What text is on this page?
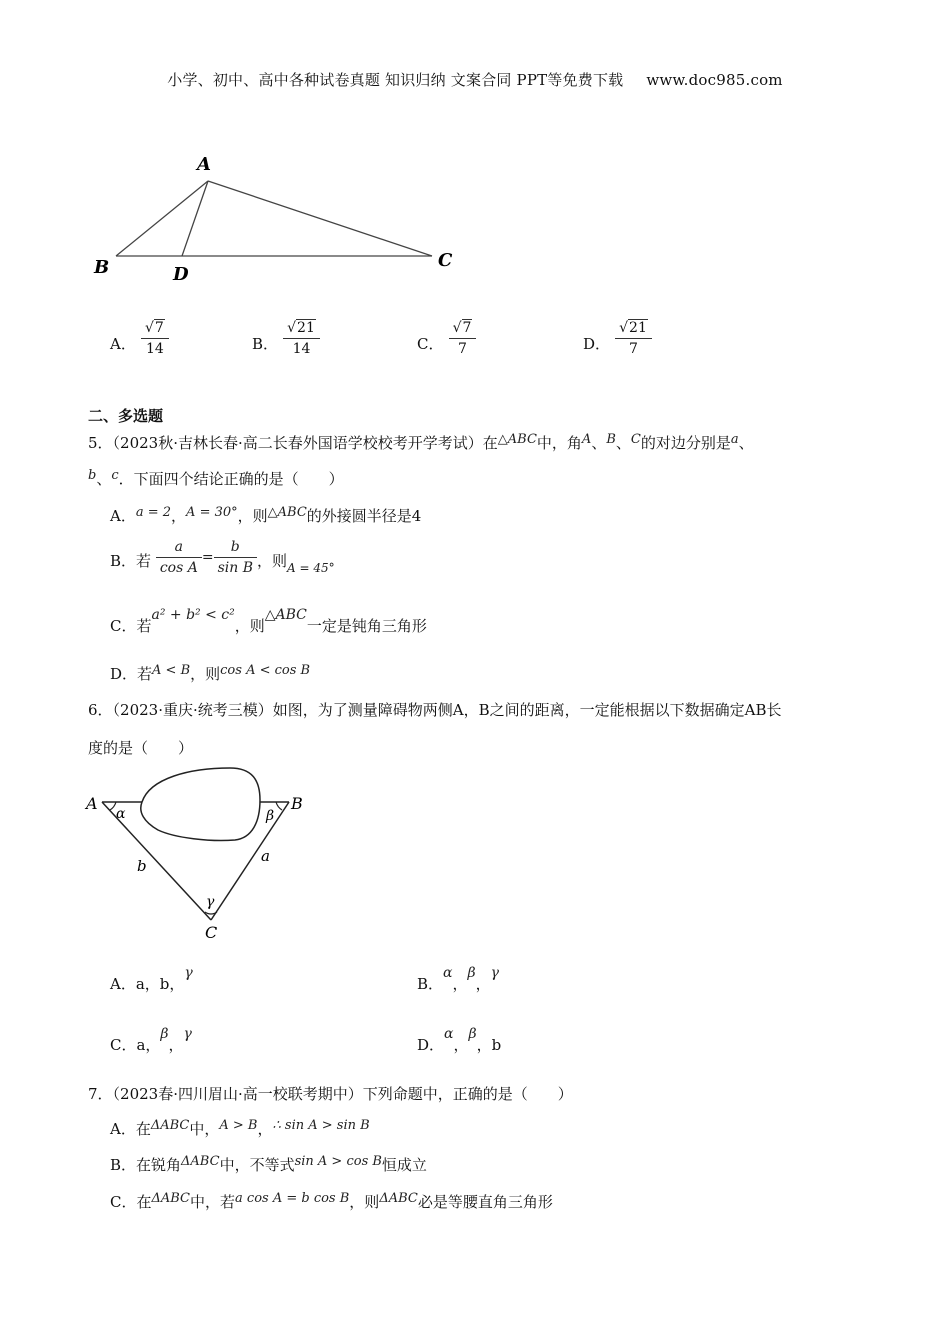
小学、初中、高中各种试卷真题 知识归纳 文案合同 PPT等免费下载 www.doc985.com
A
B	C
D
A． $\frac{√7}{14}$	B． $\frac{√21}{14}$	C． $\frac{√7}{7}$	D． $\frac{√21}{7}$
二、多选题
5．（2023秋·吉林长春·高二长春外国语学校校考开学考试）在△ABC中，角A、B、C的对边分别是a、
b、c．下面四个结论正确的是（　　）
A．a = 2，A = 30°，则△ABC的外接圆半径是4
B．若 $\frac{a}{\text{cos A}} = \frac{b}{\text{sin B}}$ ，则$_{A = 45^\circ}$
C．若a² + b² < c²，则△ABC一定是钝角三角形
D．若A < B，则cos A < cos B
6．（2023·重庆·统考三模）如图，为了测量障碍物两侧A，B之间的距离，一定能根据以下数据确定AB长
度的是（　　）
A	B
C
α	β
γ
b
a
A．a，b，γ
B．α，β，γ
C．a，β，γ
D．α，β，b
7．（2023春·四川眉山·高一校联考期中）下列命题中，正确的是（　　）
A．在ΔABC中，A > B，∴ sin A > sin B
B．在锐角ΔABC中，不等式sin A > cos B恒成立
C．在ΔABC中，若a cos A = b cos B，则ΔABC必是等腰直角三角形
